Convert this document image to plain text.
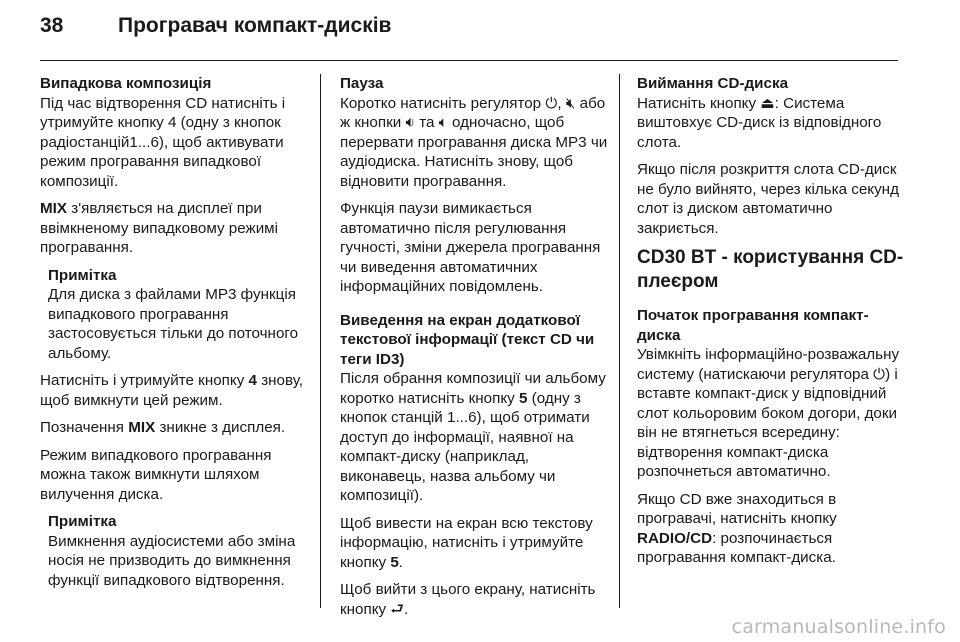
38	Програвач компакт-дисків
Випадкова композиція

Під час відтворення CD натисніть і утримуйте кнопку 4 (одну з кнопок радіостанцій1...6), щоб активувати режим програвання випадкової композиції.

MIX з'являється на дисплеї при ввімкненому випадковому режимі програвання.

Примітка
Для диска з файлами MP3 функція випадкового програвання застосовується тільки до поточного альбому.

Натисніть і утримуйте кнопку 4 знову, щоб вимкнути цей режим.

Позначення MIX зникне з дисплея.

Режим випадкового програвання можна також вимкнути шляхом вилучення диска.

Примітка
Вимкнення аудіосистеми або зміна носія не призводить до вимкнення функції випадкового відтворення.
Пауза

Коротко натисніть регулятор ⏻, 🔇︎ або ж кнопки 🔉︎ та 🔈︎ одночасно, щоб перервати програвання диска MP3 чи аудіодиска. Натисніть знову, щоб відновити програвання.

Функція паузи вимикається автоматично після регулювання гучності, зміни джерела програвання чи виведення автоматичних інформаційних повідомлень.

Виведення на екран додаткової текстової інформації (текст CD чи теги ID3)

Після обрання композиції чи альбому коротко натисніть кнопку 5 (одну з кнопок станцій 1...6), щоб отримати доступ до інформації, наявної на компакт-диску (наприклад, виконавець, назва альбому чи композиції).

Щоб вивести на екран всю текстову інформацію, натисніть і утримуйте кнопку 5.

Щоб вийти з цього екрану, натисніть кнопку ⮐.

Виймання CD-диска

Натисніть кнопку ⏏: Система виштовхує CD-диск із відповідного слота.

Якщо після розкриття слота CD-диск не було вийнято, через кілька секунд слот із диском автоматично закриється.

CD30 BT - користування CD-плеєром
Початок програвання компакт-диска

Увімкніть інформаційно-розважальну систему (натискаючи регулятора ⏻) і вставте компакт-диск у відповідний слот кольоровим боком догори, доки він не втягнеться всередину: відтворення компакт-диска розпочнеться автоматично.

Якщо CD вже знаходиться в програвачі, натисніть кнопку RADIO/CD: розпочинається програвання компакт-диска.

carmanualsonline.info
